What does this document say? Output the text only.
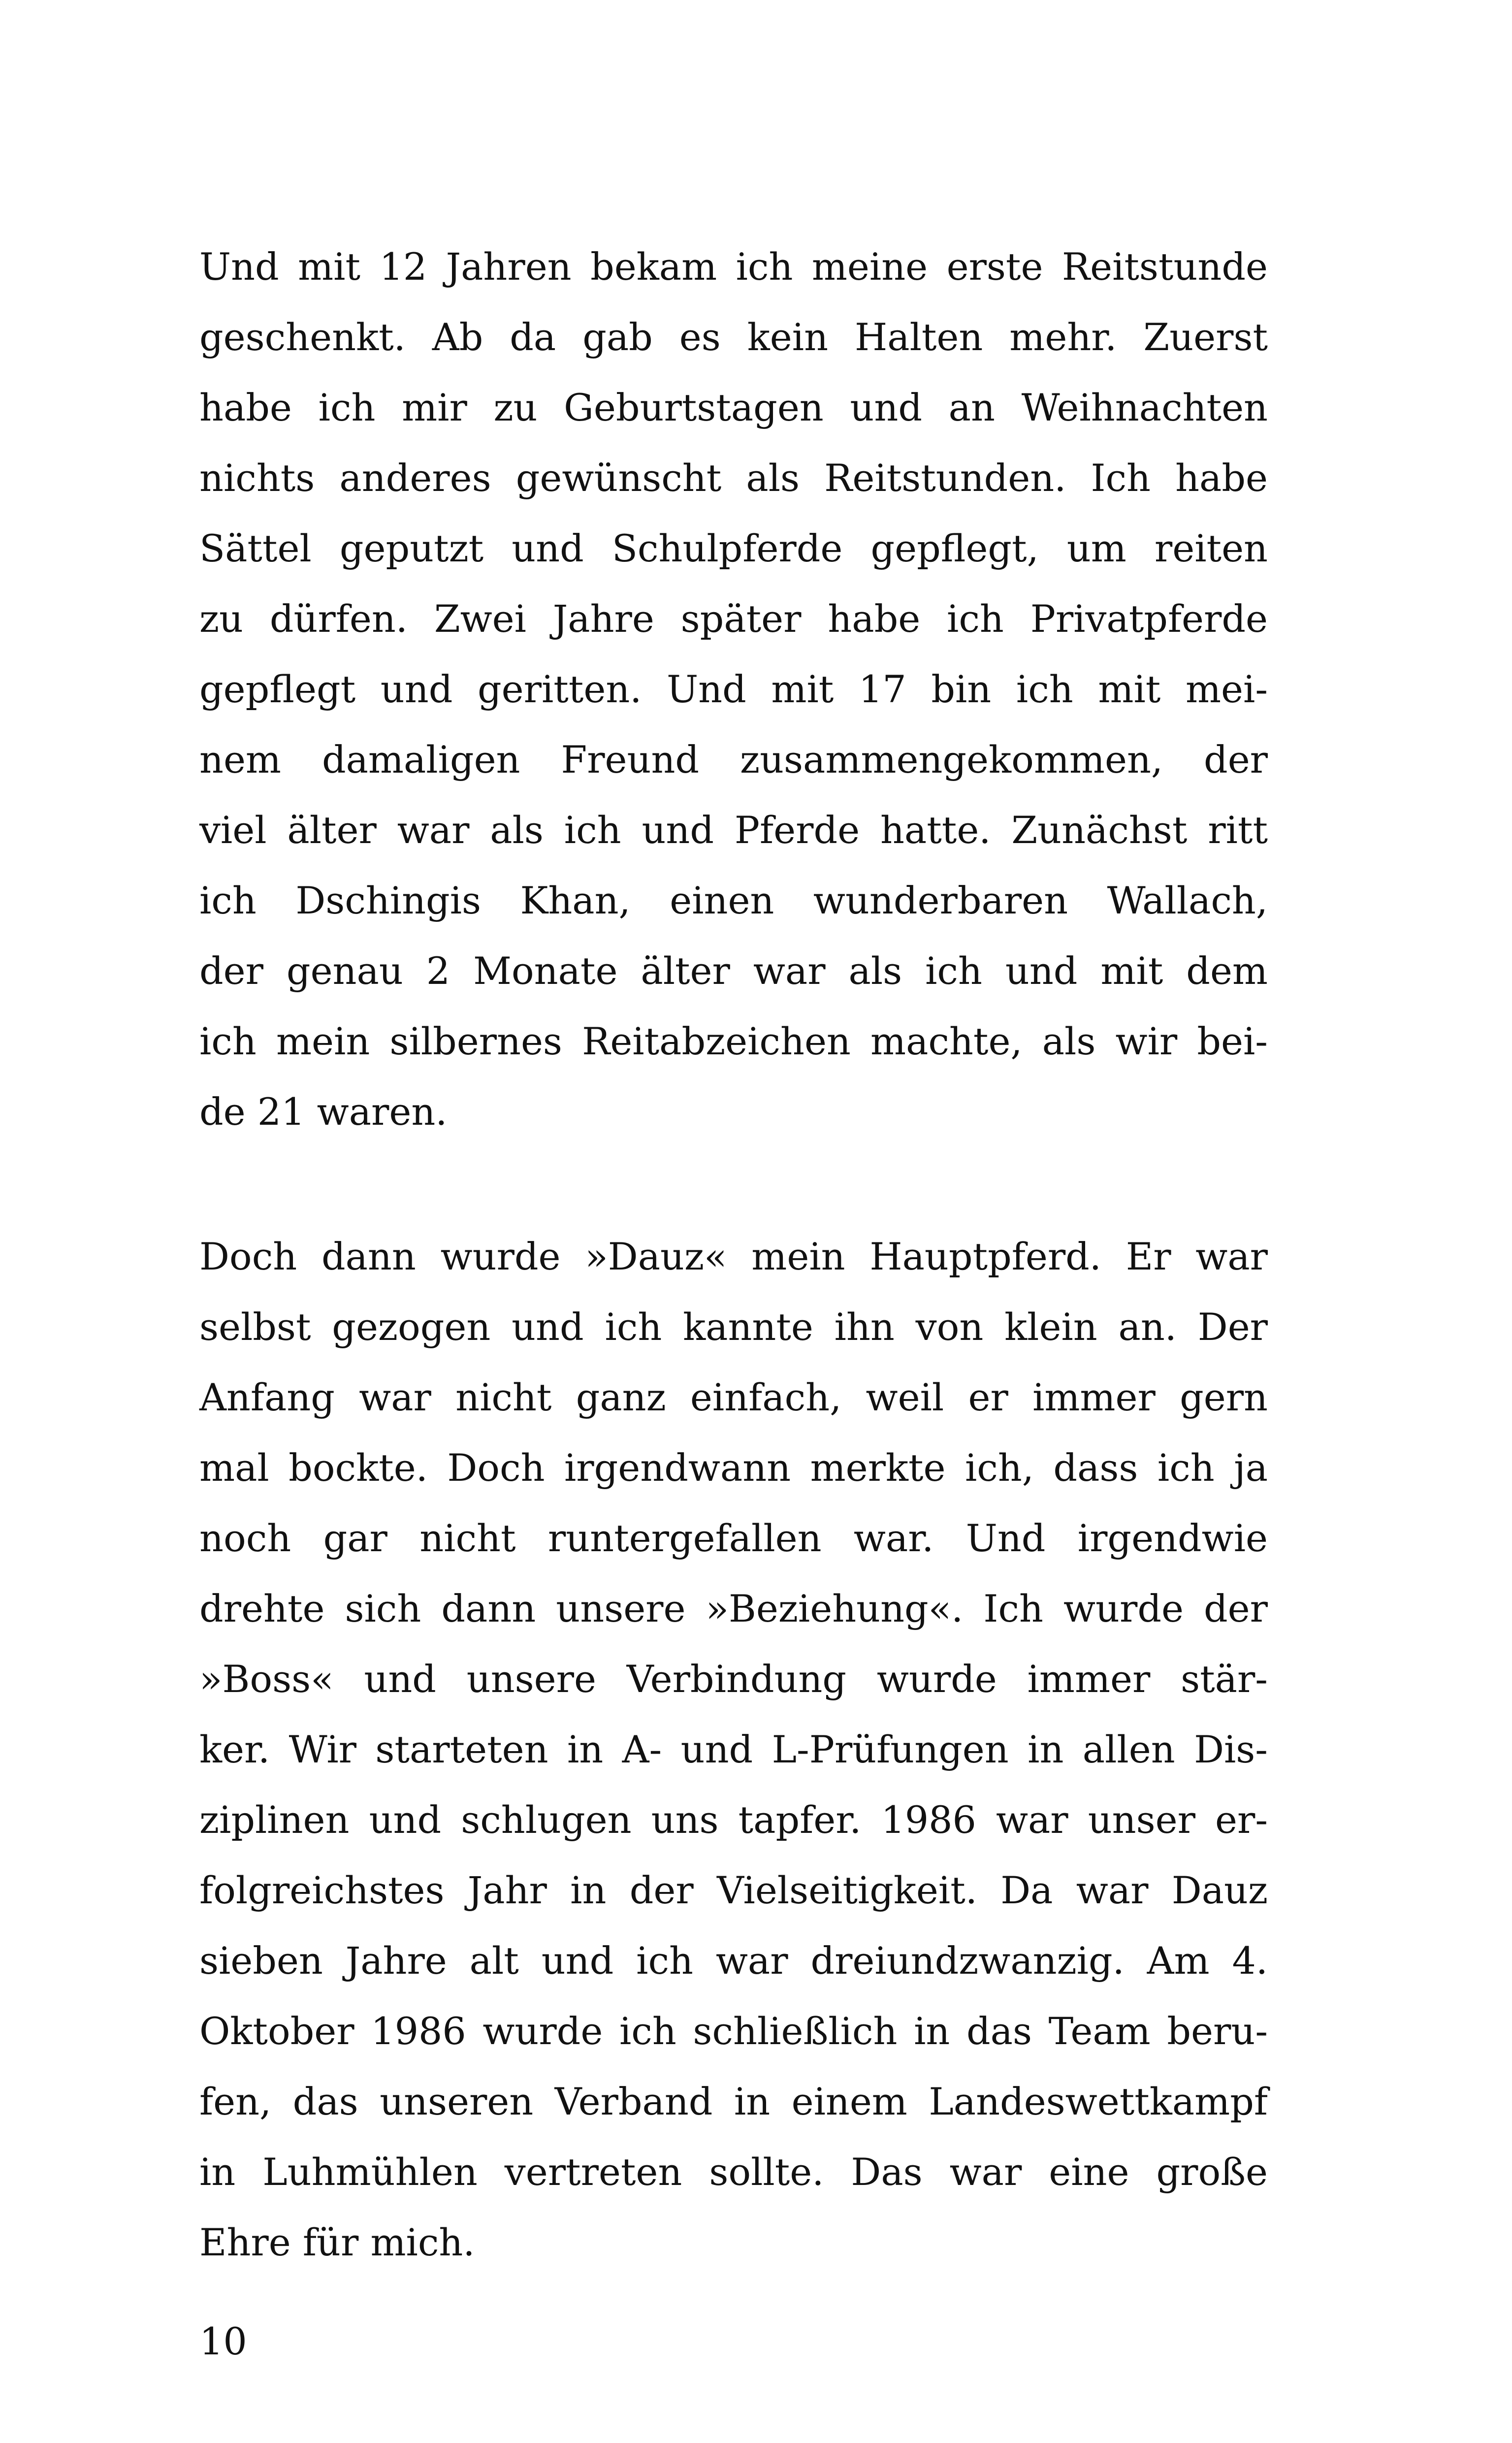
Und mit 12 Jahren bekam ich meine erste Reitstunde
geschenkt. Ab da gab es kein Halten mehr. Zuerst
habe ich mir zu Geburtstagen und an Weihnachten
nichts anderes gewünscht als Reitstunden. Ich habe
Sättel geputzt und Schulpferde gepflegt, um reiten
zu dürfen. Zwei Jahre später habe ich Privatpferde
gepflegt und geritten. Und mit 17 bin ich mit mei-
nem damaligen Freund zusammengekommen, der
viel älter war als ich und Pferde hatte. Zunächst ritt
ich Dschingis Khan, einen wunderbaren Wallach,
der genau 2 Monate älter war als ich und mit dem
ich mein silbernes Reitabzeichen machte, als wir bei-
de 21 waren.
Doch dann wurde »Dauz« mein Hauptpferd. Er war
selbst gezogen und ich kannte ihn von klein an. Der
Anfang war nicht ganz einfach, weil er immer gern
mal bockte. Doch irgendwann merkte ich, dass ich ja
noch gar nicht runtergefallen war. Und irgendwie
drehte sich dann unsere »Beziehung«. Ich wurde der
»Boss« und unsere Verbindung wurde immer stär-
ker. Wir starteten in A- und L-Prüfungen in allen Dis-
ziplinen und schlugen uns tapfer. 1986 war unser er-
folgreichstes Jahr in der Vielseitigkeit. Da war Dauz
sieben Jahre alt und ich war dreiundzwanzig. Am 4.
Oktober 1986 wurde ich schließlich in das Team beru-
fen, das unseren Verband in einem Landeswettkampf
in Luhmühlen vertreten sollte. Das war eine große
Ehre für mich.
10
